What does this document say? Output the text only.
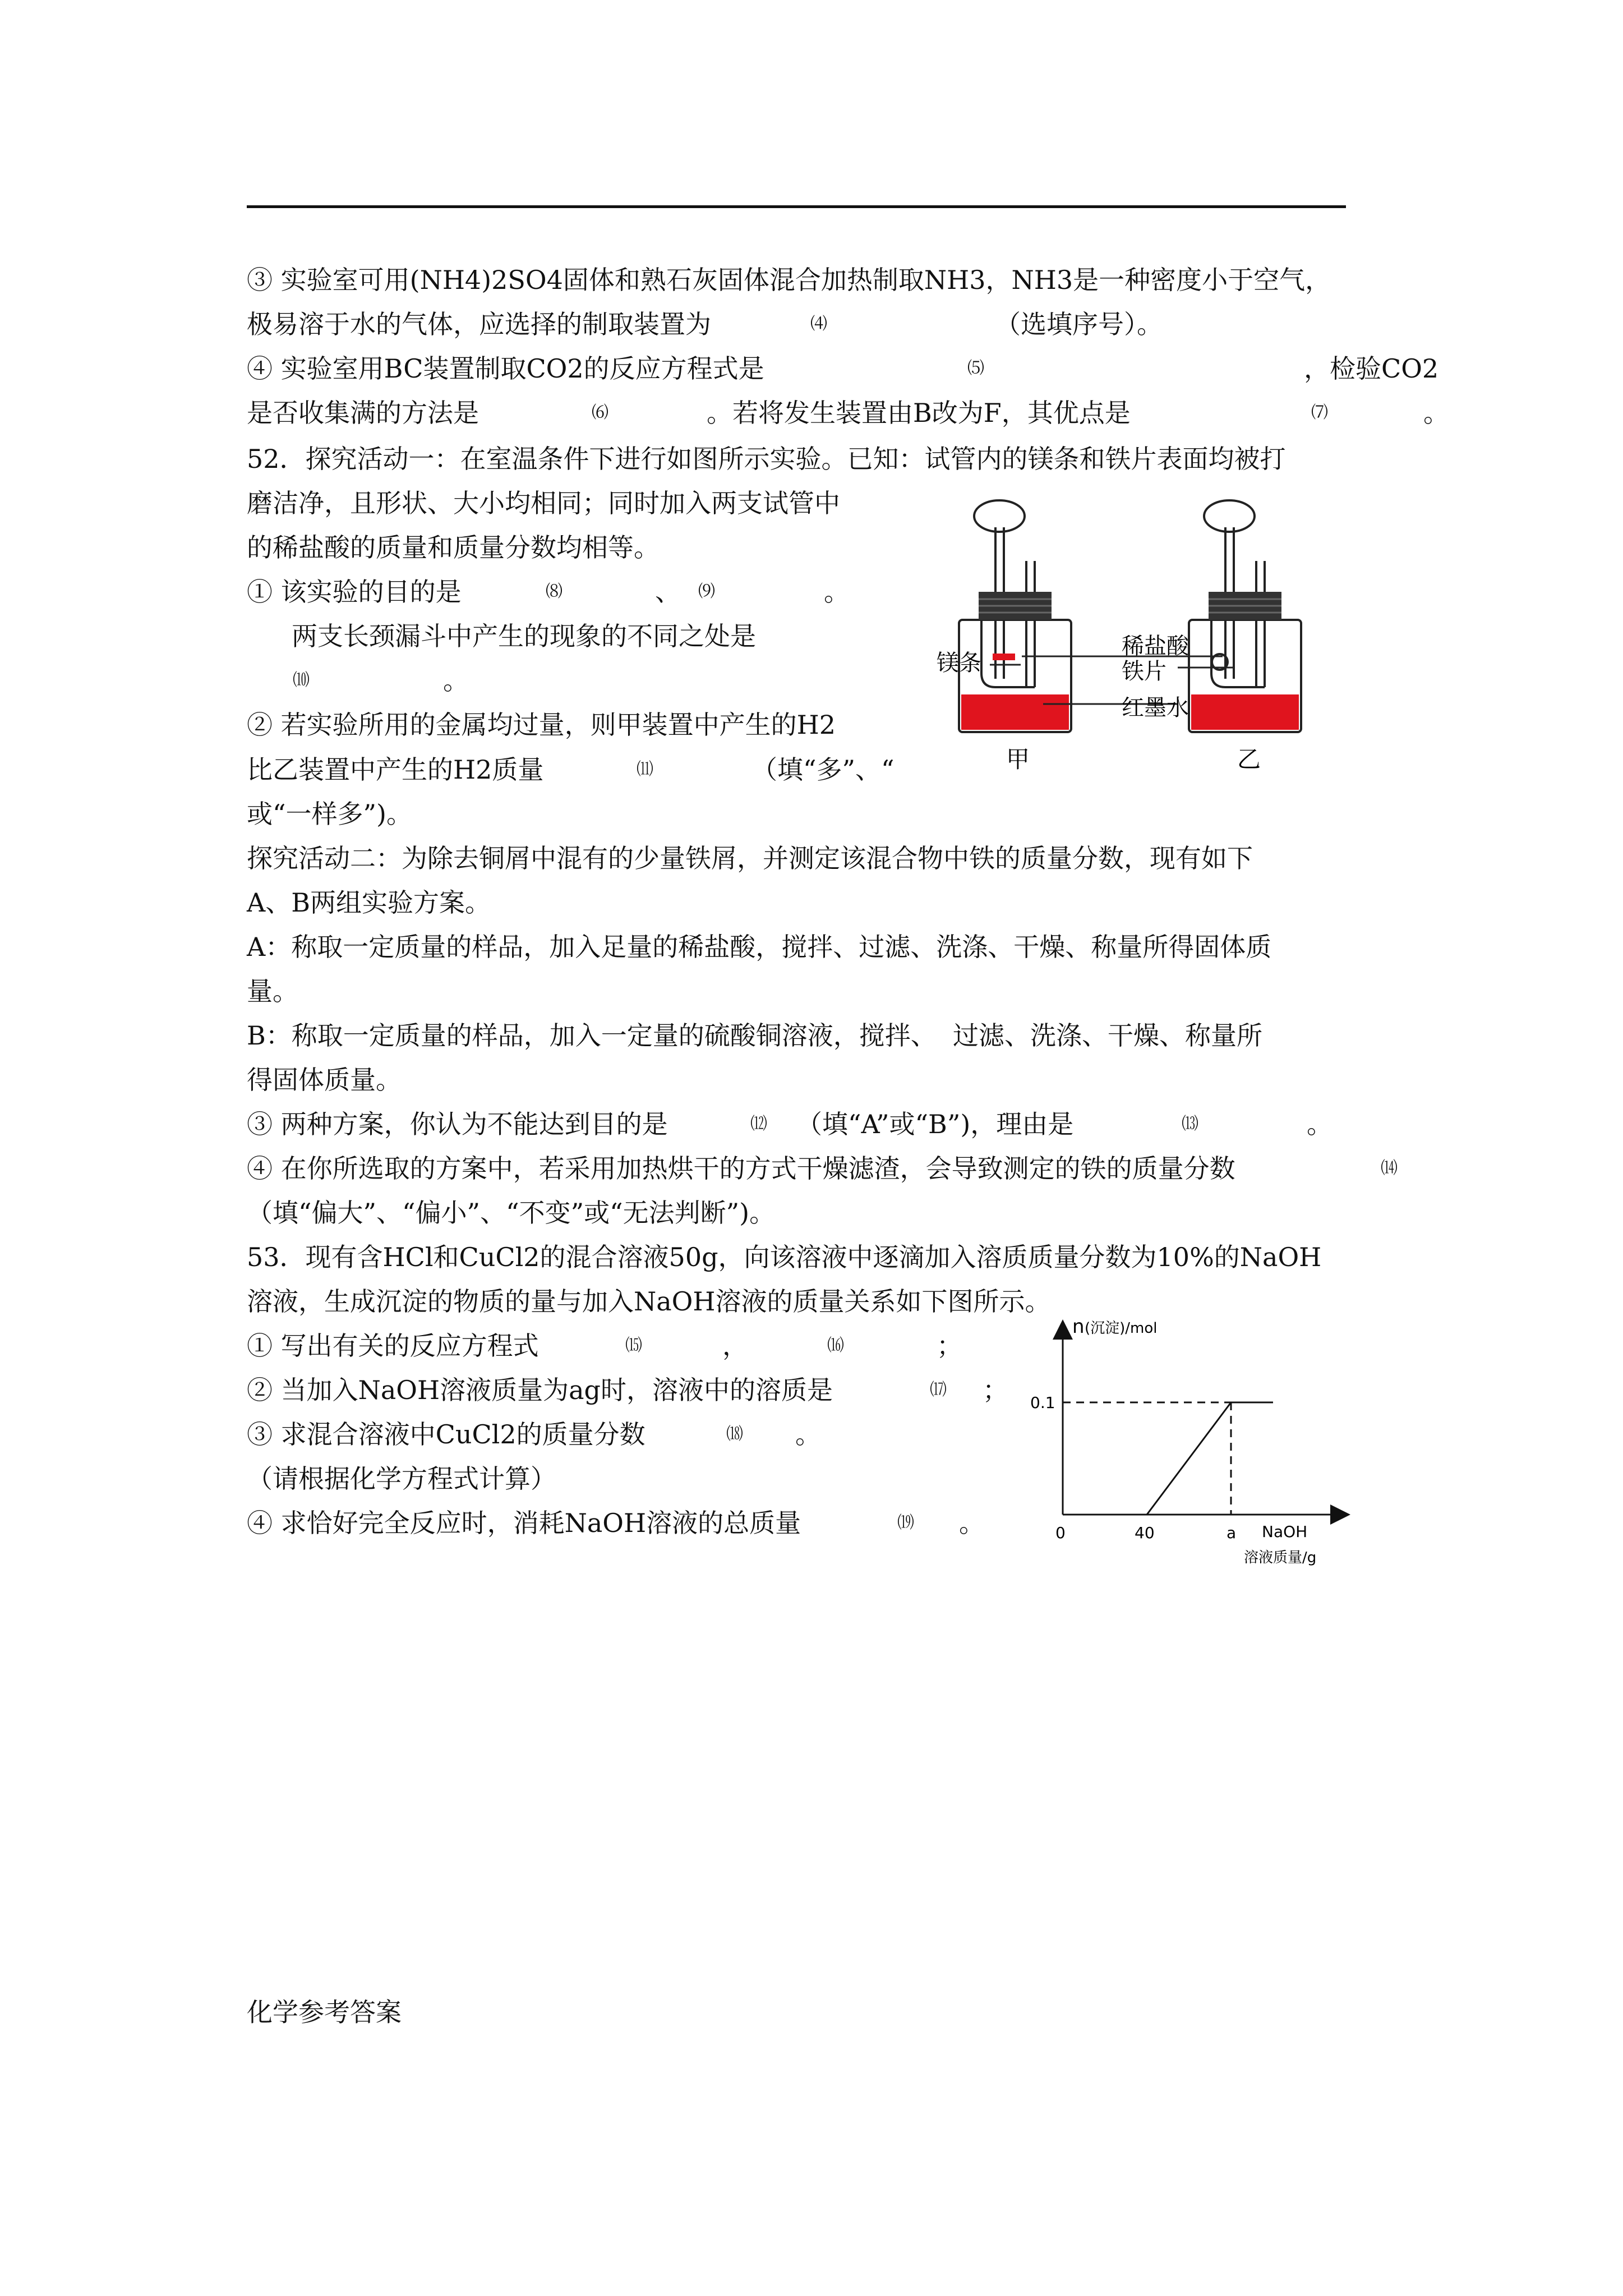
③ 实验室可用(NH4)2SO4固体和熟石灰固体混合加热制取NH3，NH3是一种密度小于空气，
极易溶于水的气体，应选择的制取装置为	⑷	（选填序号）。
④ 实验室用BC装置制取CO2的反应方程式是	⑸	，检验CO2
是否收集满的方法是	⑹	。若将发生装置由B改为F，其优点是	⑺	。
52．探究活动一：在室温条件下进行如图所示实验。已知：试管内的镁条和铁片表面均被打
磨洁净，且形状、大小均相同；同时加入两支试管中
的稀盐酸的质量和质量分数均相等。
① 该实验的目的是	⑻	、 ⑼	。
两支长颈漏斗中产生的现象的不同之处是
⑽	。
② 若实验所用的金属均过量，则甲装置中产生的H2
比乙装置中产生的H2质量	⑾	（填“多”、“
或“一样多”)。
探究活动二：为除去铜屑中混有的少量铁屑，并测定该混合物中铁的质量分数，现有如下
A、B两组实验方案。
A：称取一定质量的样品，加入足量的稀盐酸，搅拌、过滤、洗涤、干燥、称量所得固体质
量。
B：称取一定质量的样品，加入一定量的硫酸铜溶液，搅拌、  过滤、洗涤、干燥、称量所
得固体质量。
③ 两种方案，你认为不能达到目的是	⑿ （填“A”或“B”)，理由是	⒀	。
④ 在你所选取的方案中，若采用加热烘干的方式干燥滤渣，会导致测定的铁的质量分数	⒁
（填“偏大”、“偏小”、“不变”或“无法判断”)。
53．现有含HCl和CuCl2的混合溶液50g，向该溶液中逐滴加入溶质质量分数为10%的NaOH
溶液，生成沉淀的物质的量与加入NaOH溶液的质量关系如下图所示。
① 写出有关的反应方程式	⒂	，	⒃	；
② 当加入NaOH溶液质量为ag时，溶液中的溶质是	⒄ ；
③ 求混合溶液中CuCl2的质量分数	⒅ 。
（请根据化学方程式计算）
④ 求恰好完全反应时，消耗NaOH溶液的总质量	⒆ 。
化学参考答案
镁条
稀盐酸
铁片
红墨水
甲	乙
n (沉淀)/mol
NaOH
溶液质量/g
0	40	a
0.1
